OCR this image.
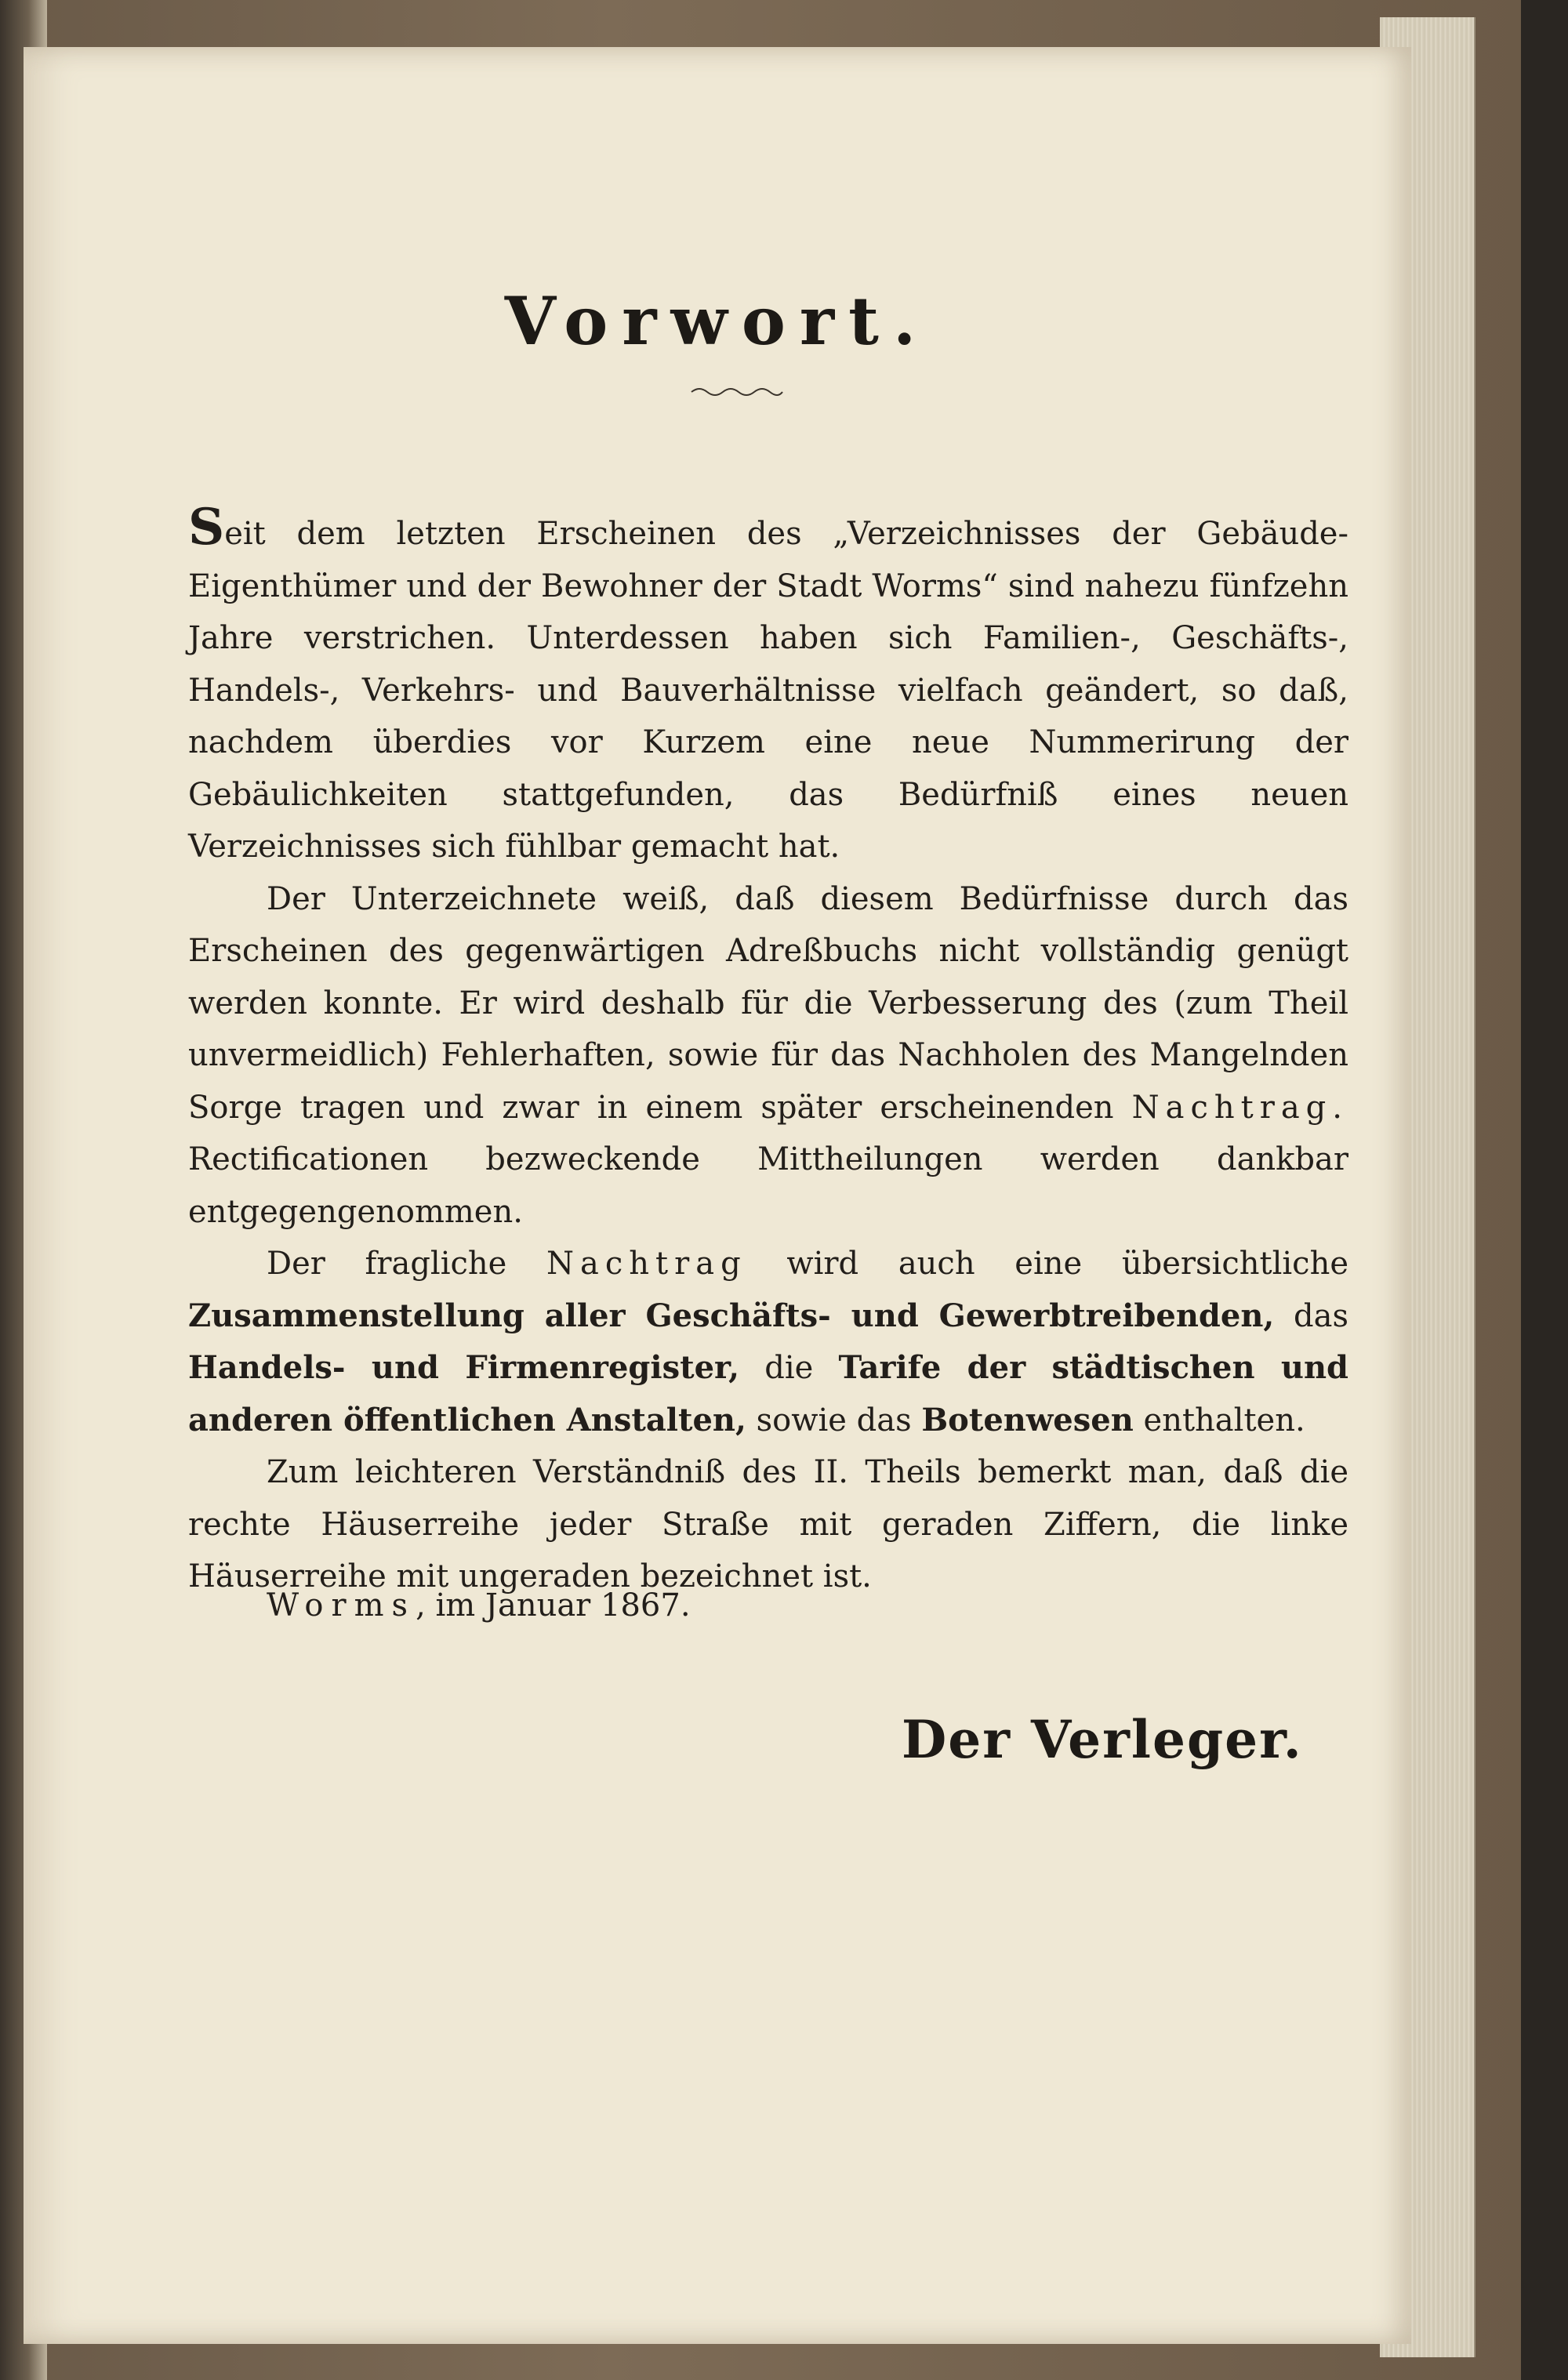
Vorwort.

Seit dem letzten Erscheinen des „Verzeichnisses der Gebäude-Eigenthümer und der Bewohner der Stadt Worms“ sind nahezu fünfzehn Jahre verstrichen. Unterdessen haben sich Familien-, Geschäfts-, Handels-, Verkehrs- und Bauverhältnisse vielfach geändert, so daß, nachdem überdies vor Kurzem eine neue Nummerirung der Gebäulichkeiten stattgefunden, das Bedürfniß eines neuen Verzeichnisses sich fühlbar gemacht hat.

Der Unterzeichnete weiß, daß diesem Bedürfnisse durch das Erscheinen des gegenwärtigen Adreßbuchs nicht vollständig genügt werden konnte. Er wird deshalb für die Verbesserung des (zum Theil unvermeidlich) Fehlerhaften, sowie für das Nachholen des Mangelnden Sorge tragen und zwar in einem später erscheinenden Nachtrag. Rectificationen bezweckende Mittheilungen werden dankbar entgegengenommen.

Der fragliche Nachtrag wird auch eine übersichtliche Zusammenstellung aller Geschäfts- und Gewerbtreibenden, das Handels- und Firmenregister, die Tarife der städtischen und anderen öffentlichen Anstalten, sowie das Botenwesen enthalten.

Zum leichteren Verständniß des II. Theils bemerkt man, daß die rechte Häuserreihe jeder Straße mit geraden Ziffern, die linke Häuserreihe mit ungeraden bezeichnet ist.

Worms, im Januar 1867.
Der Verleger.
